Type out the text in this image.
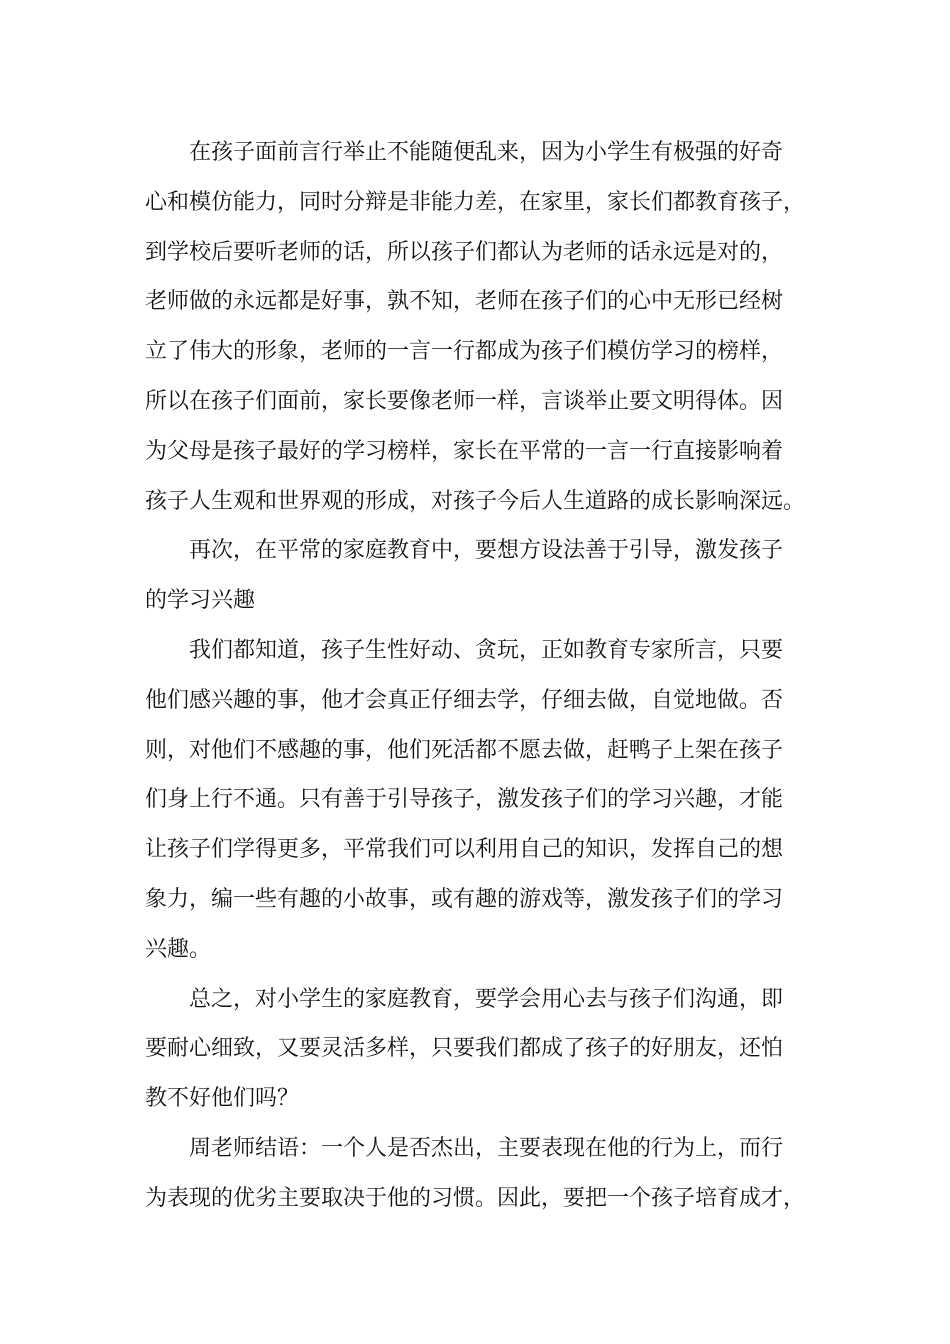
在孩子面前言行举止不能随便乱来，因为小学生有极强的好奇
心和模仿能力，同时分辩是非能力差，在家里，家长们都教育孩子，
到学校后要听老师的话，所以孩子们都认为老师的话永远是对的，
老师做的永远都是好事，孰不知，老师在孩子们的心中无形已经树
立了伟大的形象，老师的一言一行都成为孩子们模仿学习的榜样，
所以在孩子们面前，家长要像老师一样，言谈举止要文明得体。因
为父母是孩子最好的学习榜样，家长在平常的一言一行直接影响着
孩子人生观和世界观的形成，对孩子今后人生道路的成长影响深远。
再次，在平常的家庭教育中，要想方设法善于引导，激发孩子
的学习兴趣
我们都知道，孩子生性好动、贪玩，正如教育专家所言，只要
他们感兴趣的事，他才会真正仔细去学，仔细去做，自觉地做。否
则，对他们不感趣的事，他们死活都不愿去做，赶鸭子上架在孩子
们身上行不通。只有善于引导孩子，激发孩子们的学习兴趣，才能
让孩子们学得更多，平常我们可以利用自己的知识，发挥自己的想
象力，编一些有趣的小故事，或有趣的游戏等，激发孩子们的学习
兴趣。
总之，对小学生的家庭教育，要学会用心去与孩子们沟通，即
要耐心细致，又要灵活多样，只要我们都成了孩子的好朋友，还怕
教不好他们吗？
周老师结语：一个人是否杰出，主要表现在他的行为上，而行
为表现的优劣主要取决于他的习惯。因此，要把一个孩子培育成才，
